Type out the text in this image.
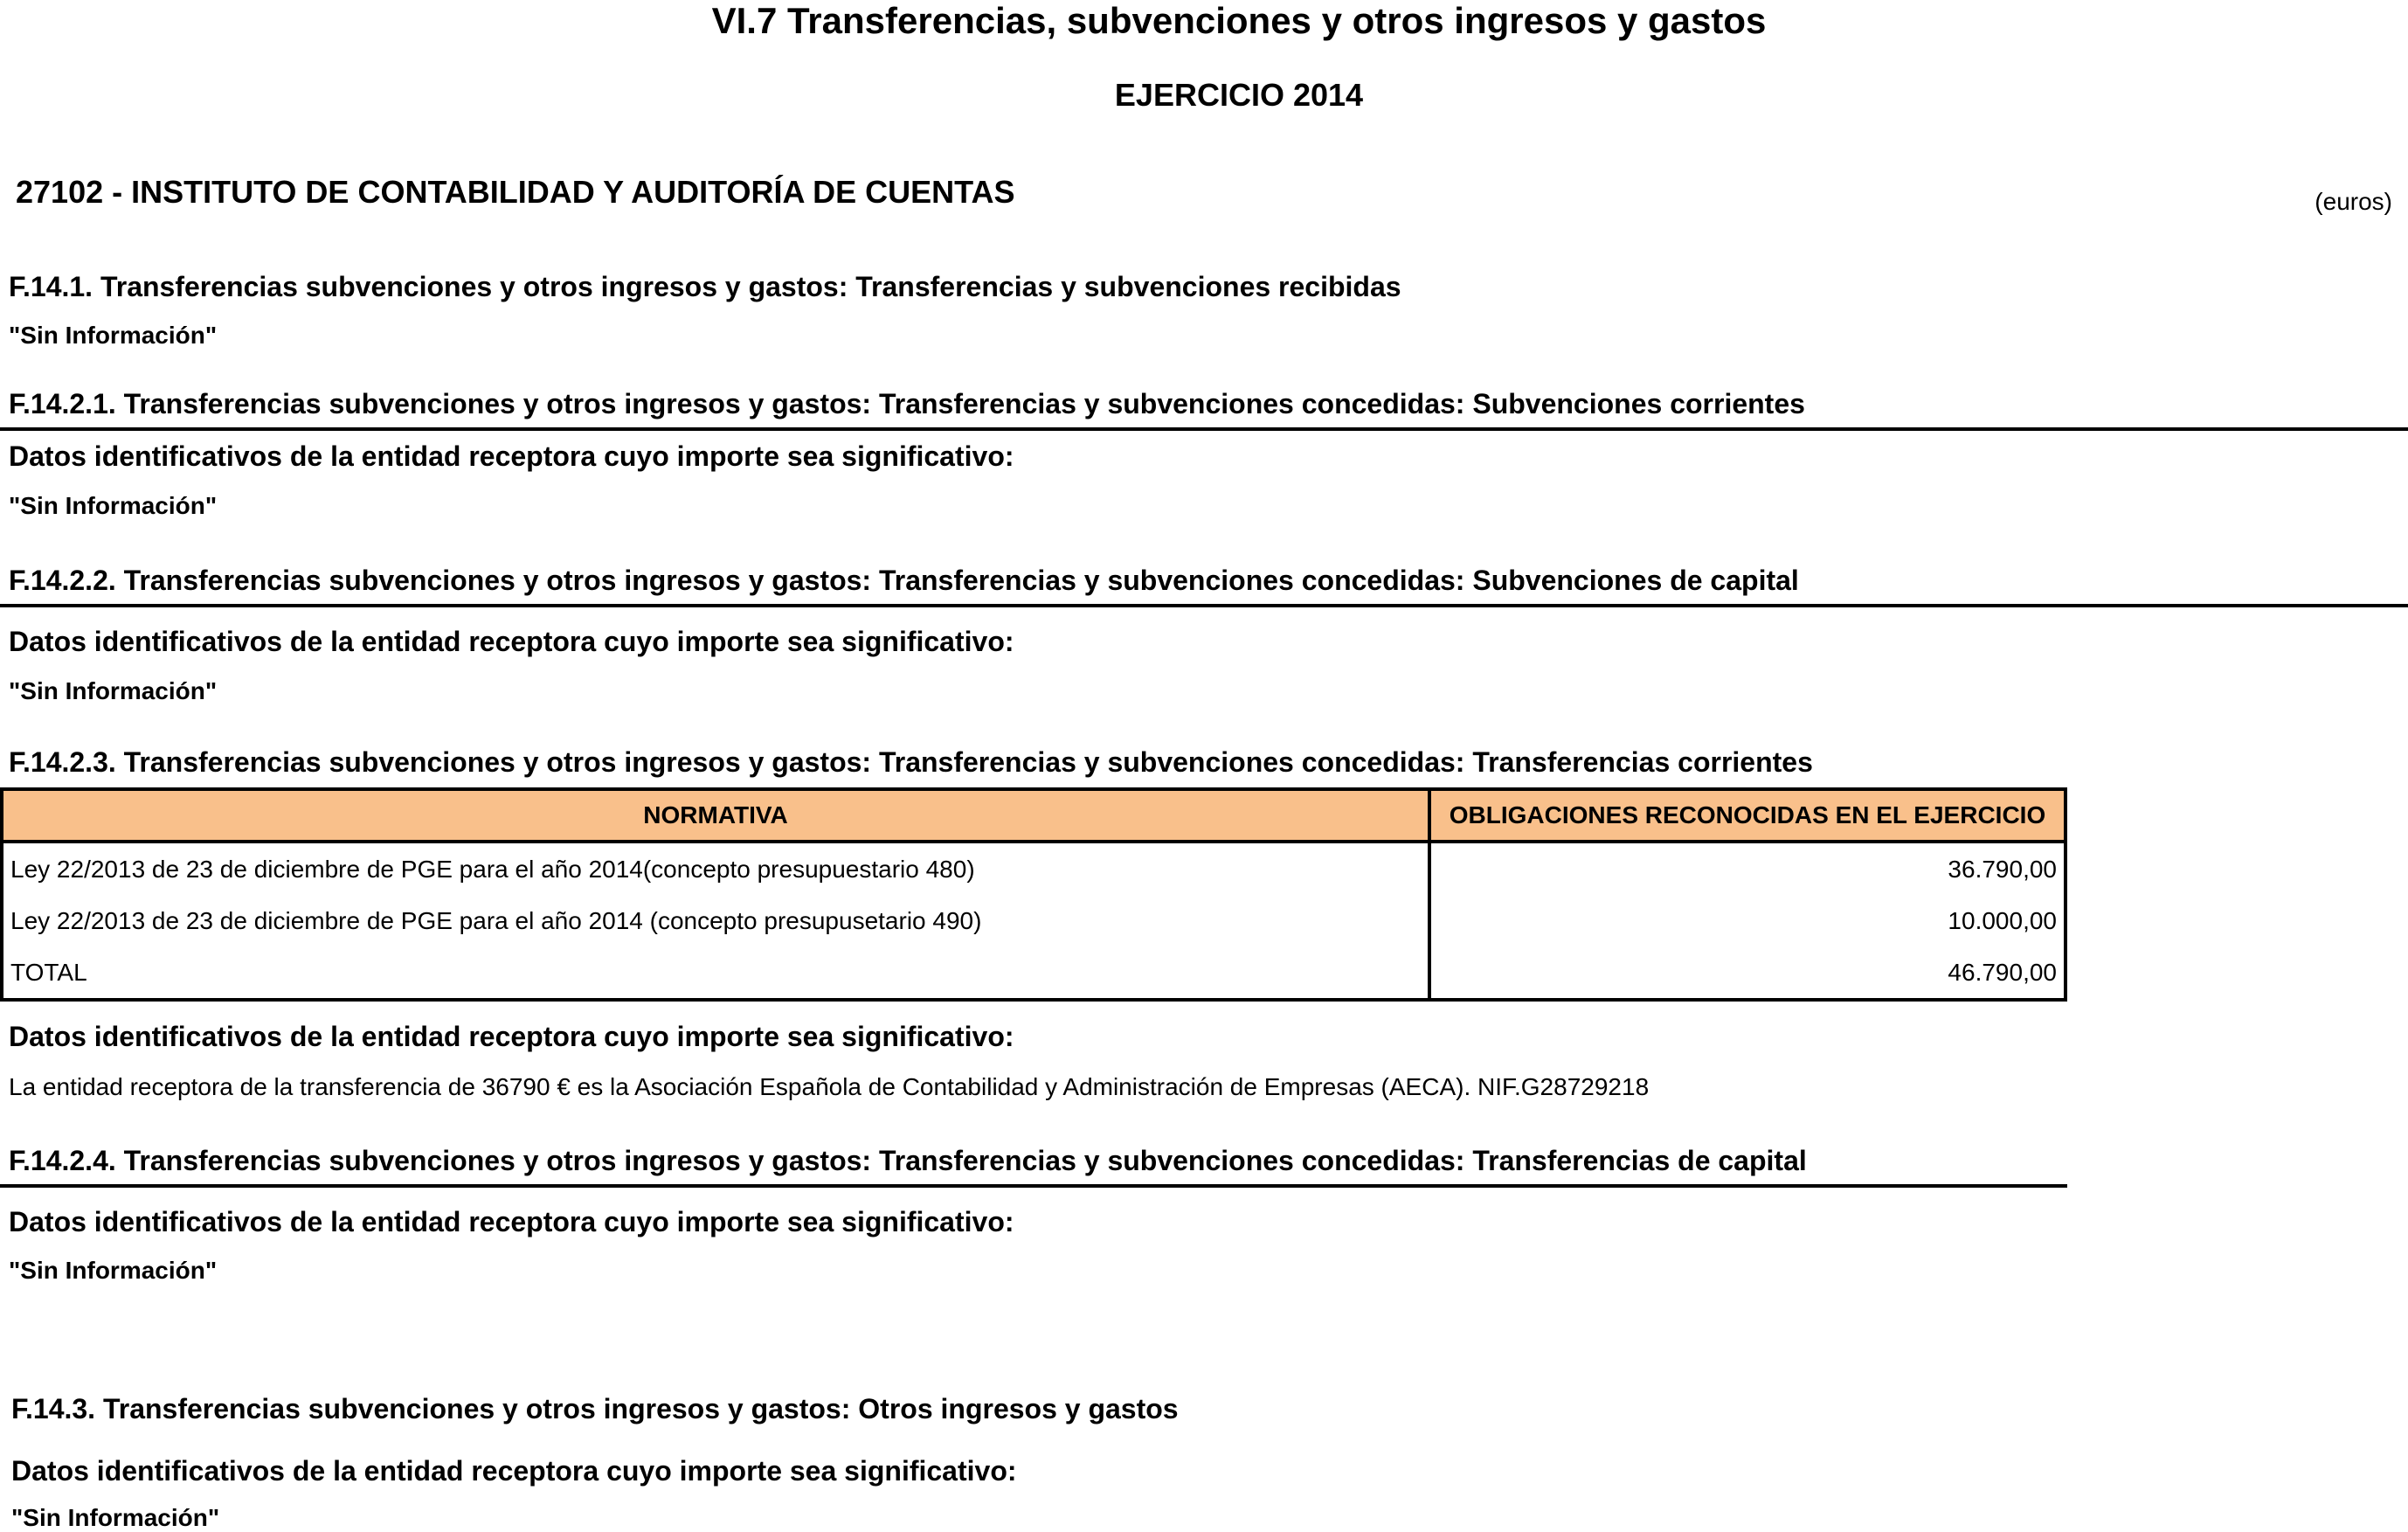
VI.7 Transferencias, subvenciones y otros ingresos y gastos
EJERCICIO 2014
27102 - INSTITUTO DE CONTABILIDAD Y AUDITORÍA DE CUENTAS	(euros)
F.14.1. Transferencias subvenciones y otros ingresos y gastos: Transferencias y subvenciones recibidas
"Sin Información"
F.14.2.1. Transferencias subvenciones y otros ingresos y gastos: Transferencias y subvenciones concedidas: Subvenciones corrientes
Datos identificativos de la entidad receptora cuyo importe sea significativo:
"Sin Información"
F.14.2.2. Transferencias subvenciones y otros ingresos y gastos: Transferencias y subvenciones concedidas: Subvenciones de capital
Datos identificativos de la entidad receptora cuyo importe sea significativo:
"Sin Información"
F.14.2.3. Transferencias subvenciones y otros ingresos y gastos: Transferencias y subvenciones concedidas: Transferencias corrientes
NORMATIVA	OBLIGACIONES RECONOCIDAS EN EL EJERCICIO
Ley 22/2013 de 23 de diciembre de PGE para el año 2014(concepto presupuestario 480)	36.790,00
Ley 22/2013 de 23 de diciembre de PGE para el año 2014 (concepto presupusetario 490)	10.000,00
TOTAL	46.790,00
Datos identificativos de la entidad receptora cuyo importe sea significativo:
La entidad receptora de la transferencia de 36790 € es la Asociación Española de Contabilidad y Administración de Empresas (AECA). NIF.G28729218
F.14.2.4. Transferencias subvenciones y otros ingresos y gastos: Transferencias y subvenciones concedidas: Transferencias de capital
Datos identificativos de la entidad receptora cuyo importe sea significativo:
"Sin Información"
F.14.3. Transferencias subvenciones y otros ingresos y gastos: Otros ingresos y gastos
Datos identificativos de la entidad receptora cuyo importe sea significativo:
"Sin Información"
